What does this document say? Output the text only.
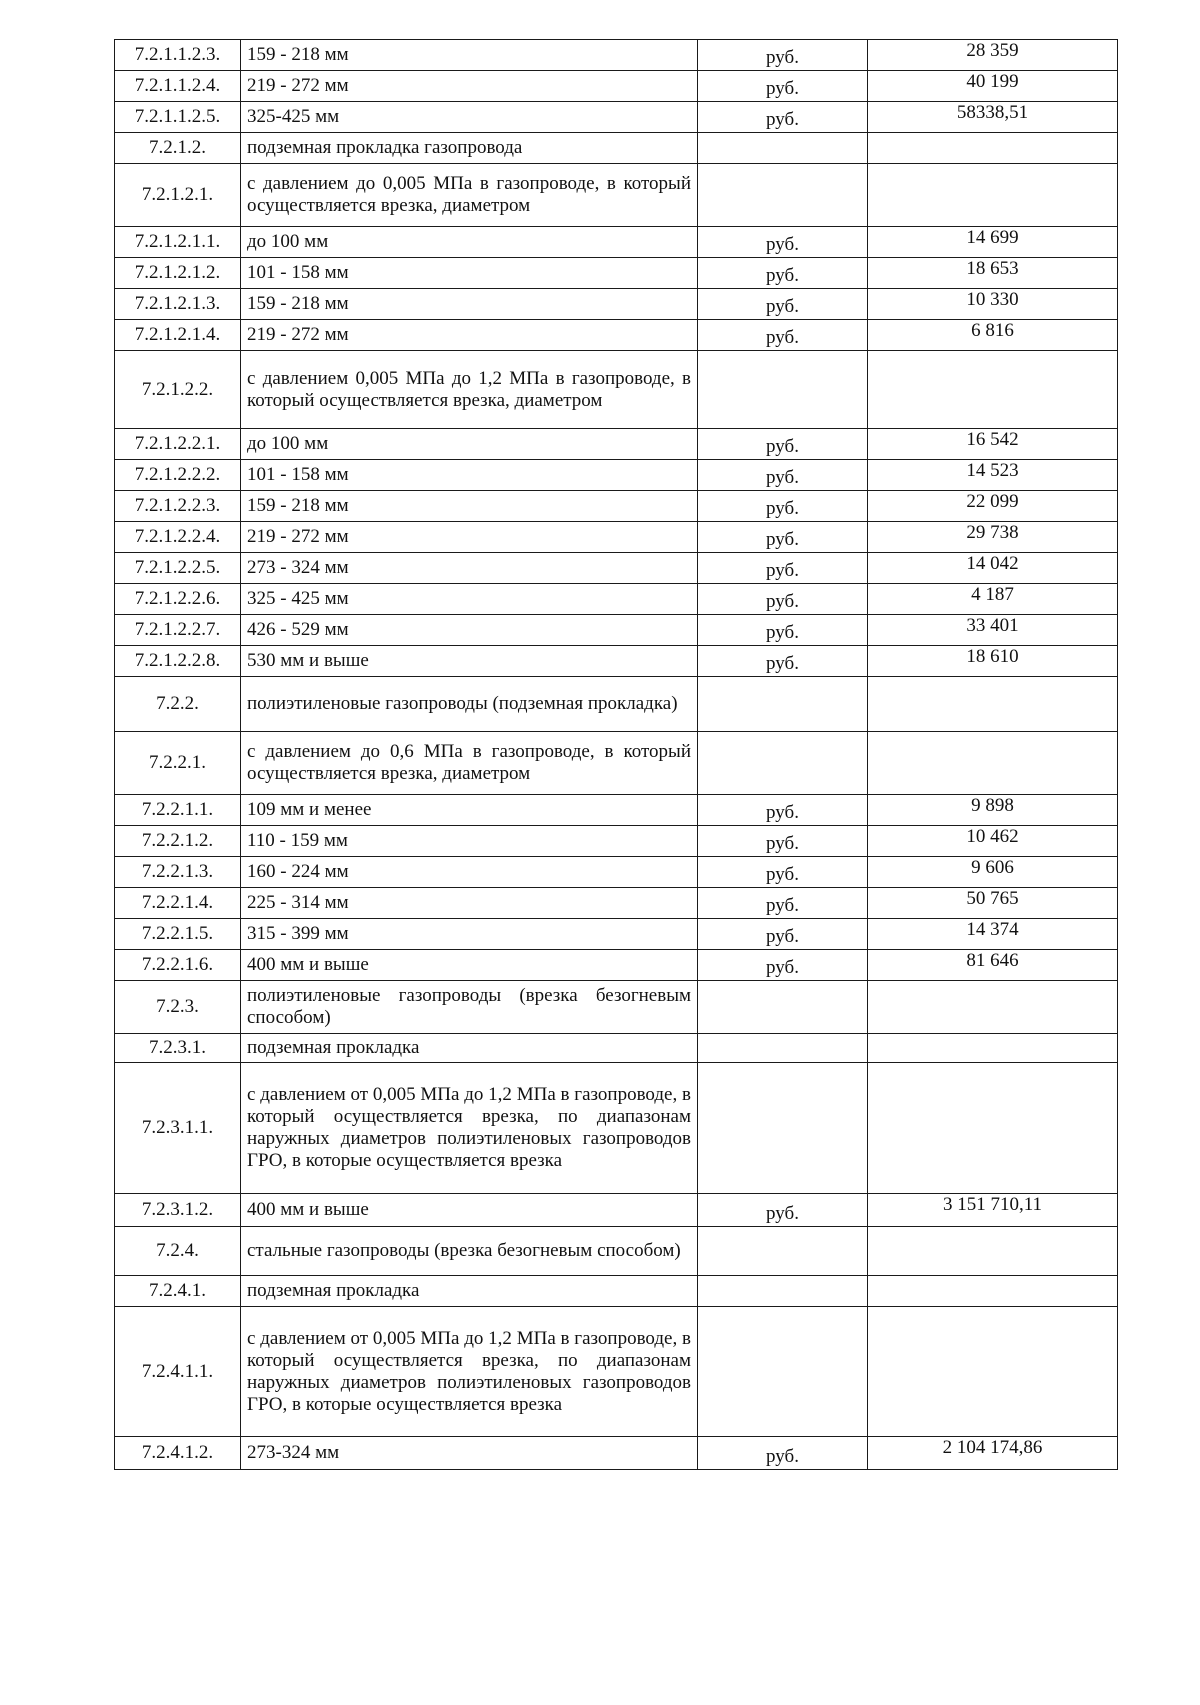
7.2.1.1.2.3.	159 - 218 мм	руб.	28 359
7.2.1.1.2.4.	219 - 272 мм	руб.	40 199
7.2.1.1.2.5.	325-425 мм	руб.	58338,51
7.2.1.2.	подземная прокладка газопровода		
7.2.1.2.1.	с давлением до 0,005 МПа в газопроводе, в который осуществляется врезка, диаметром		
7.2.1.2.1.1.	до 100 мм	руб.	14 699
7.2.1.2.1.2.	101 - 158 мм	руб.	18 653
7.2.1.2.1.3.	159 - 218 мм	руб.	10 330
7.2.1.2.1.4.	219 - 272 мм	руб.	6 816
7.2.1.2.2.	с давлением 0,005 МПа до 1,2 МПа в газопроводе, в который осуществляется врезка, диаметром		
7.2.1.2.2.1.	до 100 мм	руб.	16 542
7.2.1.2.2.2.	101 - 158 мм	руб.	14 523
7.2.1.2.2.3.	159 - 218 мм	руб.	22 099
7.2.1.2.2.4.	219 - 272 мм	руб.	29 738
7.2.1.2.2.5.	273 - 324 мм	руб.	14 042
7.2.1.2.2.6.	325 - 425 мм	руб.	4 187
7.2.1.2.2.7.	426 - 529 мм	руб.	33 401
7.2.1.2.2.8.	530 мм и выше	руб.	18 610
7.2.2.	полиэтиленовые газопроводы (подземная прокладка)		
7.2.2.1.	с давлением до 0,6 МПа в газопроводе, в который осуществляется врезка, диаметром		
7.2.2.1.1.	109 мм и менее	руб.	9 898
7.2.2.1.2.	110 - 159 мм	руб.	10 462
7.2.2.1.3.	160 - 224 мм	руб.	9 606
7.2.2.1.4.	225 - 314 мм	руб.	50 765
7.2.2.1.5.	315 - 399 мм	руб.	14 374
7.2.2.1.6.	400 мм и выше	руб.	81 646
7.2.3.	полиэтиленовые газопроводы (врезка безогневым способом)		
7.2.3.1.	подземная прокладка		
7.2.3.1.1.	с давлением от 0,005 МПа до 1,2 МПа в газопроводе, в который осуществляется врезка, по диапазонам наружных диаметров полиэтиленовых газопроводов ГРО, в которые осуществляется врезка		
7.2.3.1.2.	400 мм и выше	руб.	3 151 710,11
7.2.4.	стальные газопроводы (врезка безогневым способом)		
7.2.4.1.	подземная прокладка		
7.2.4.1.1.	с давлением от 0,005 МПа до 1,2 МПа в газопроводе, в который осуществляется врезка, по диапазонам наружных диаметров полиэтиленовых газопроводов ГРО, в которые осуществляется врезка		
7.2.4.1.2.	273-324 мм	руб.	2 104 174,86
